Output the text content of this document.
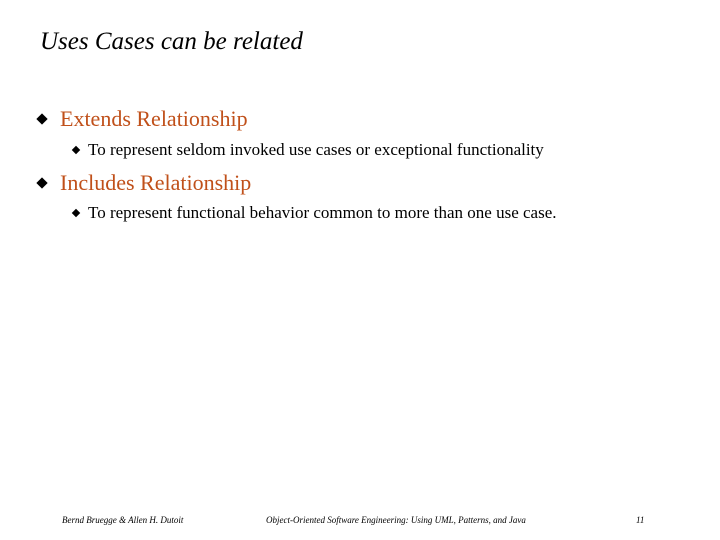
Uses Cases can be related
Extends Relationship
To represent seldom invoked use cases or exceptional functionality
Includes Relationship
To represent functional behavior common to more than one use case.
Bernd Bruegge & Allen H. Dutoit	Object-Oriented Software Engineering: Using UML, Patterns, and Java	11
